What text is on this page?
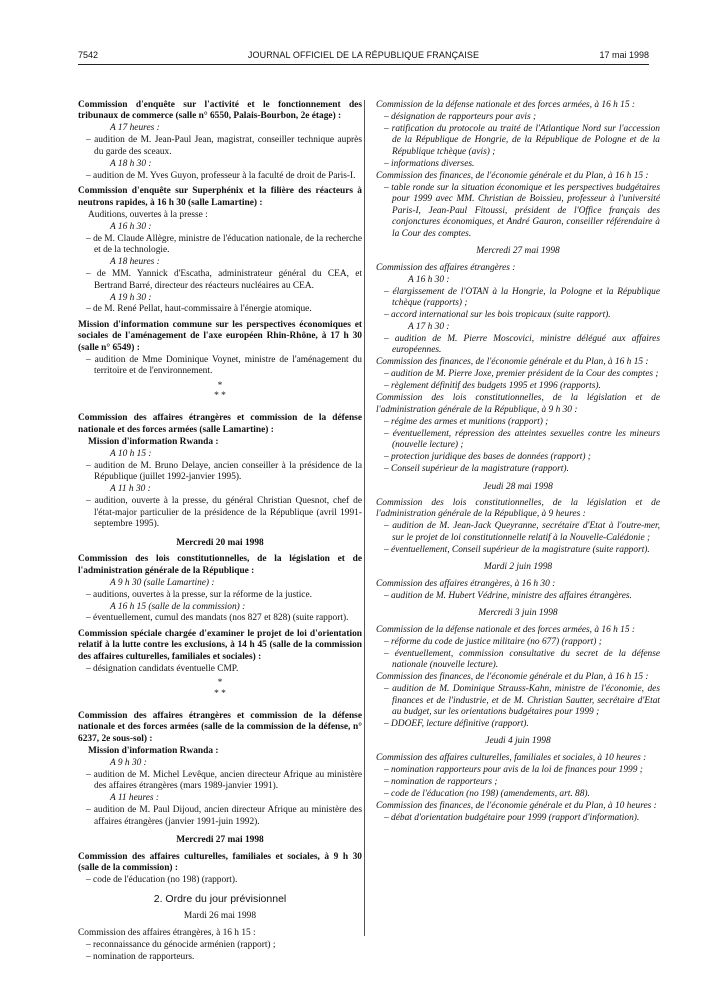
7542	JOURNAL OFFICIEL DE LA RÉPUBLIQUE FRANÇAISE	17 mai 1998

Commission d'enquête sur l'activité et le fonctionnement des tribunaux de commerce (salle n° 6550, Palais-Bourbon, 2e étage) :

A 17 heures :

– audition de M. Jean-Paul Jean, magistrat, conseiller technique auprès du garde des sceaux.

A 18 h 30 :

– audition de M. Yves Guyon, professeur à la faculté de droit de Paris-I.

Commission d'enquête sur Superphénix et la filière des réacteurs à neutrons rapides, à 16 h 30 (salle Lamartine) :

Auditions, ouvertes à la presse :

A 16 h 30 :

– de M. Claude Allègre, ministre de l'éducation nationale, de la recherche et de la technologie.

A 18 heures :

– de MM. Yannick d'Escatha, administrateur général du CEA, et Bertrand Barré, directeur des réacteurs nucléaires au CEA.

A 19 h 30 :

– de M. René Pellat, haut-commissaire à l'énergie atomique.

Mission d'information commune sur les perspectives économiques et sociales de l'aménagement de l'axe européen Rhin-Rhône, à 17 h 30 (salle n° 6549) :

– audition de Mme Dominique Voynet, ministre de l'aménagement du territoire et de l'environnement.

*
* *

Commission des affaires étrangères et commission de la défense nationale et des forces armées (salle Lamartine) :

Mission d'information Rwanda :

A 10 h 15 :

– audition de M. Bruno Delaye, ancien conseiller à la présidence de la République (juillet 1992-janvier 1995).

A 11 h 30 :

– audition, ouverte à la presse, du général Christian Quesnot, chef de l'état-major particulier de la présidence de la République (avril 1991-septembre 1995).

Mercredi 20 mai 1998

Commission des lois constitutionnelles, de la législation et de l'administration générale de la République :

A 9 h 30 (salle Lamartine) :

– auditions, ouvertes à la presse, sur la réforme de la justice.

A 16 h 15 (salle de la commission) :

– éventuellement, cumul des mandats (nos 827 et 828) (suite rapport).

Commission spéciale chargée d'examiner le projet de loi d'orientation relatif à la lutte contre les exclusions, à 14 h 45 (salle de la commission des affaires culturelles, familiales et sociales) :

– désignation candidats éventuelle CMP.

*
* *

Commission des affaires étrangères et commission de la défense nationale et des forces armées (salle de la commission de la défense, n° 6237, 2e sous-sol) :

Mission d'information Rwanda :

A 9 h 30 :

– audition de M. Michel Levêque, ancien directeur Afrique au ministère des affaires étrangères (mars 1989-janvier 1991).

A 11 heures :

– audition de M. Paul Dijoud, ancien directeur Afrique au ministère des affaires étrangères (janvier 1991-juin 1992).

Mercredi 27 mai 1998

Commission des affaires culturelles, familiales et sociales, à 9 h 30 (salle de la commission) :

– code de l'éducation (no 198) (rapport).

2. Ordre du jour prévisionnel

Mardi 26 mai 1998

Commission des affaires étrangères, à 16 h 15 :

– reconnaissance du génocide arménien (rapport) ;

– nomination de rapporteurs.

Commission de la défense nationale et des forces armées, à 16 h 15 :

– désignation de rapporteurs pour avis ;

– ratification du protocole au traité de l'Atlantique Nord sur l'accession de la République de Hongrie, de la République de Pologne et de la République tchèque (avis) ;

– informations diverses.

Commission des finances, de l'économie générale et du Plan, à 16 h 15 :

– table ronde sur la situation économique et les perspectives budgétaires pour 1999 avec MM. Christian de Boissieu, professeur à l'université Paris-I, Jean-Paul Fitoussi, président de l'Office français des conjonctures économiques, et André Gauron, conseiller référendaire à la Cour des comptes.

Mercredi 27 mai 1998

Commission des affaires étrangères :

A 16 h 30 :

– élargissement de l'OTAN à la Hongrie, la Pologne et la République tchèque (rapports) ;

– accord international sur les bois tropicaux (suite rapport).

A 17 h 30 :

– audition de M. Pierre Moscovici, ministre délégué aux affaires européennes.

Commission des finances, de l'économie générale et du Plan, à 16 h 15 :

– audition de M. Pierre Joxe, premier président de la Cour des comptes ;

– règlement définitif des budgets 1995 et 1996 (rapports).

Commission des lois constitutionnelles, de la législation et de l'administration générale de la République, à 9 h 30 :

– régime des armes et munitions (rapport) ;

– éventuellement, répression des atteintes sexuelles contre les mineurs (nouvelle lecture) ;

– protection juridique des bases de données (rapport) ;

– Conseil supérieur de la magistrature (rapport).

Jeudi 28 mai 1998

Commission des lois constitutionnelles, de la législation et de l'administration générale de la République, à 9 heures :

– audition de M. Jean-Jack Queyranne, secrétaire d'Etat à l'outre-mer, sur le projet de loi constitutionnelle relatif à la Nouvelle-Calédonie ;

– éventuellement, Conseil supérieur de la magistrature (suite rapport).

Mardi 2 juin 1998

Commission des affaires étrangères, à 16 h 30 :

– audition de M. Hubert Védrine, ministre des affaires étrangères.

Mercredi 3 juin 1998

Commission de la défense nationale et des forces armées, à 16 h 15 :

– réforme du code de justice militaire (no 677) (rapport) ;

– éventuellement, commission consultative du secret de la défense nationale (nouvelle lecture).

Commission des finances, de l'économie générale et du Plan, à 16 h 15 :

– audition de M. Dominique Strauss-Kahn, ministre de l'économie, des finances et de l'industrie, et de M. Christian Sautter, secrétaire d'Etat au budget, sur les orientations budgétaires pour 1999 ;

– DDOEF, lecture définitive (rapport).

Jeudi 4 juin 1998

Commission des affaires culturelles, familiales et sociales, à 10 heures :

– nomination rapporteurs pour avis de la loi de finances pour 1999 ;

– nomination de rapporteurs ;

– code de l'éducation (no 198) (amendements, art. 88).

Commission des finances, de l'économie générale et du Plan, à 10 heures :

– débat d'orientation budgétaire pour 1999 (rapport d'information).
